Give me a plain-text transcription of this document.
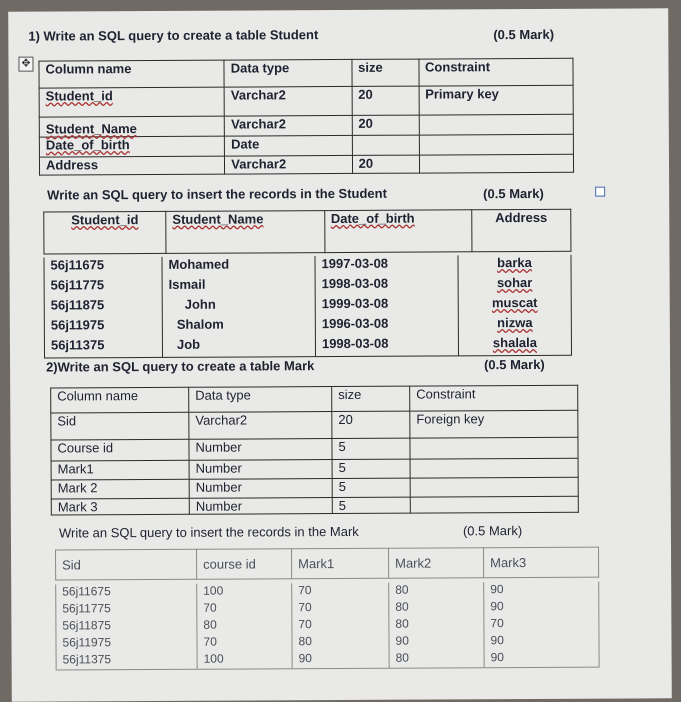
✥
1) Write an SQL query to create a table Student	(0.5 Mark)
Column name	Data type	size	Constraint
Student_id	Varchar2	20	Primary key
Student_Name	Varchar2	20	
Date_of_birth	Date		
Address	Varchar2	20	
Write an SQL query to insert the records in the Student	(0.5 Mark)
Student_id	Student_Name	Date_of_birth	Address
56j11675	Mohamed	1997-03-08	barka
56j11775	Ismail	1998-03-08	sohar
56j11875	John	1999-03-08	muscat
56j11975	Shalom	1996-03-08	nizwa
56j11375	Job	1998-03-08	shalala
2)Write an SQL query to create a table Mark	(0.5 Mark)
Column name	Data type	size	Constraint
Sid	Varchar2	20	Foreign key
Course id	Number	5	
Mark1	Number	5	
Mark 2	Number	5	
Mark 3	Number	5	
Write an SQL query to insert the records in the Mark	(0.5 Mark)
Sid	course id	Mark1	Mark2	Mark3
56j11675	100	70	80	90
56j11775	70	70	80	90
56j11875	80	70	80	70
56j11975	70	80	90	90
56j11375	100	90	80	90
